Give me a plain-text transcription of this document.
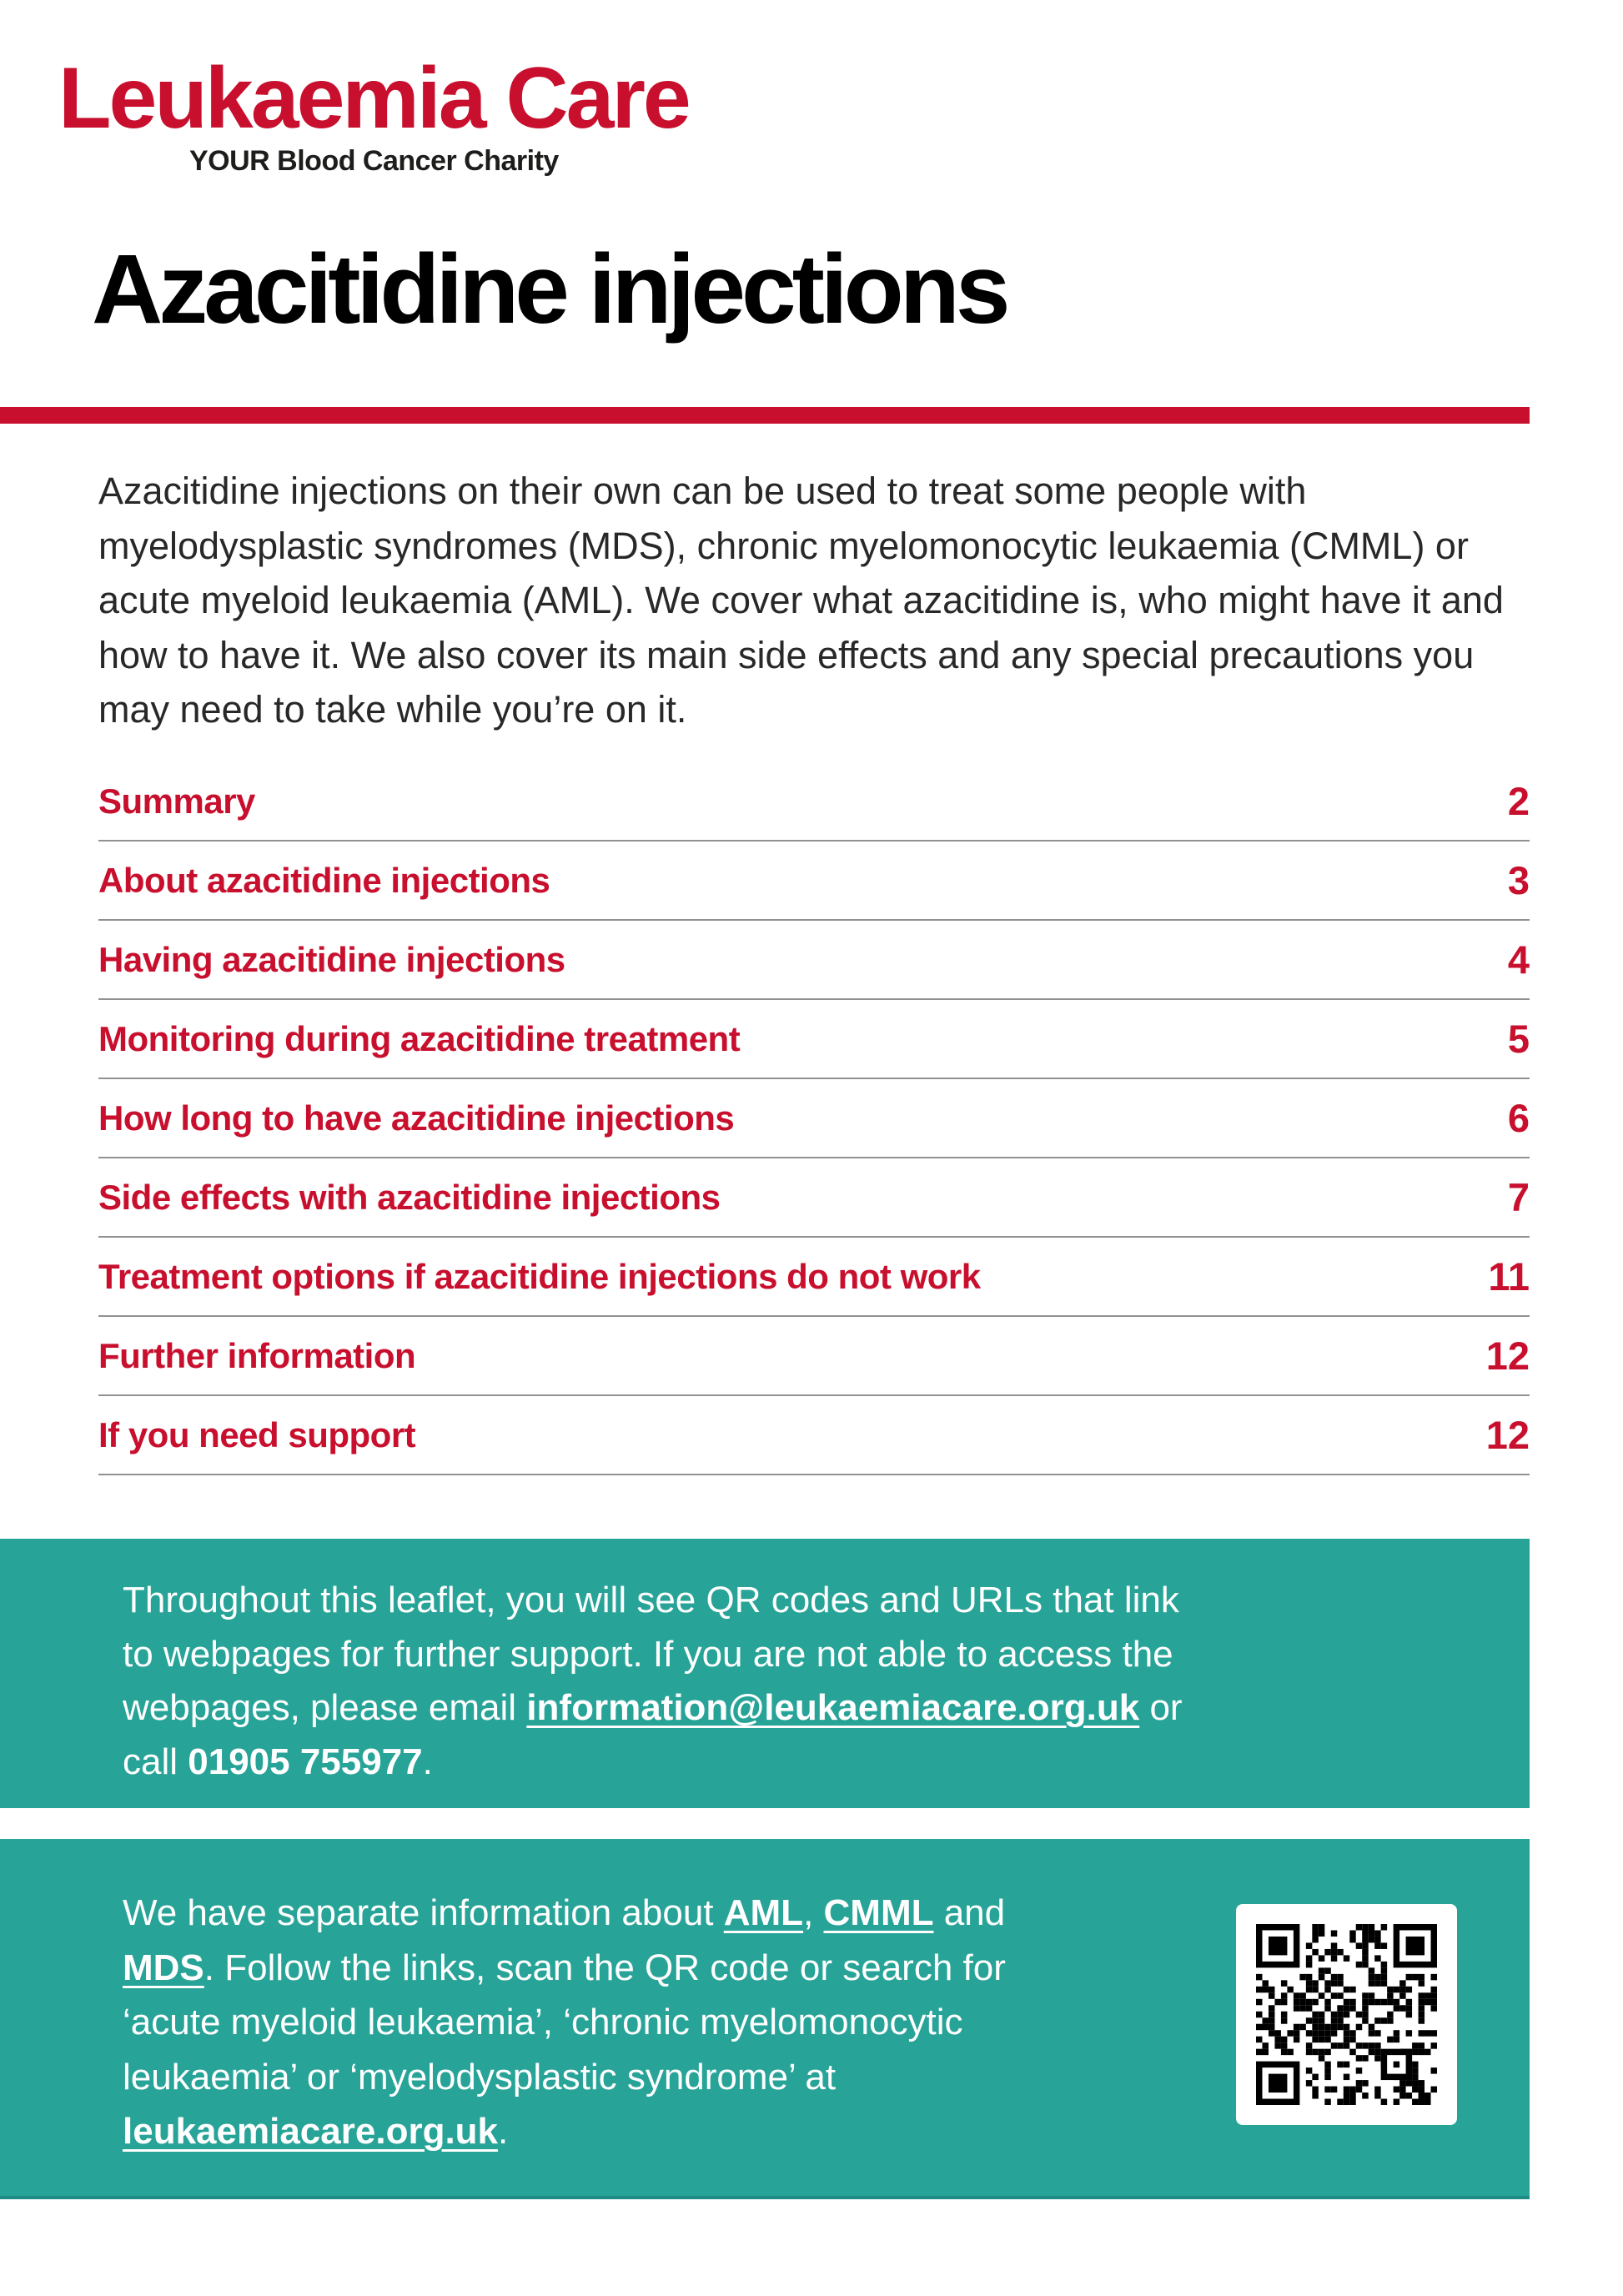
Leukaemia Care
YOUR Blood Cancer Charity
Azacitidine injections

Azacitidine injections on their own can be used to treat some people with myelodysplastic syndromes (MDS), chronic myelomonocytic leukaemia (CMML) or acute myeloid leukaemia (AML). We cover what azacitidine is, who might have it and how to have it. We also cover its main side effects and any special precautions you may need to take while you’re on it.

Summary	2
About azacitidine injections	3
Having azacitidine injections	4
Monitoring during azacitidine treatment	5
How long to have azacitidine injections	6
Side effects with azacitidine injections	7
Treatment options if azacitidine injections do not work	11
Further information	12
If you need support	12

Throughout this leaflet, you will see QR codes and URLs that link
to webpages for further support. If you are not able to access the
webpages, please email information@leukaemiacare.org.uk or
call 01905 755977.

We have separate information about AML, CMML and
MDS. Follow the links, scan the QR code or search for
‘acute myeloid leukaemia’, ‘chronic myelomonocytic
leukaemia’ or ‘myelodysplastic syndrome’ at
leukaemiacare.org.uk.
